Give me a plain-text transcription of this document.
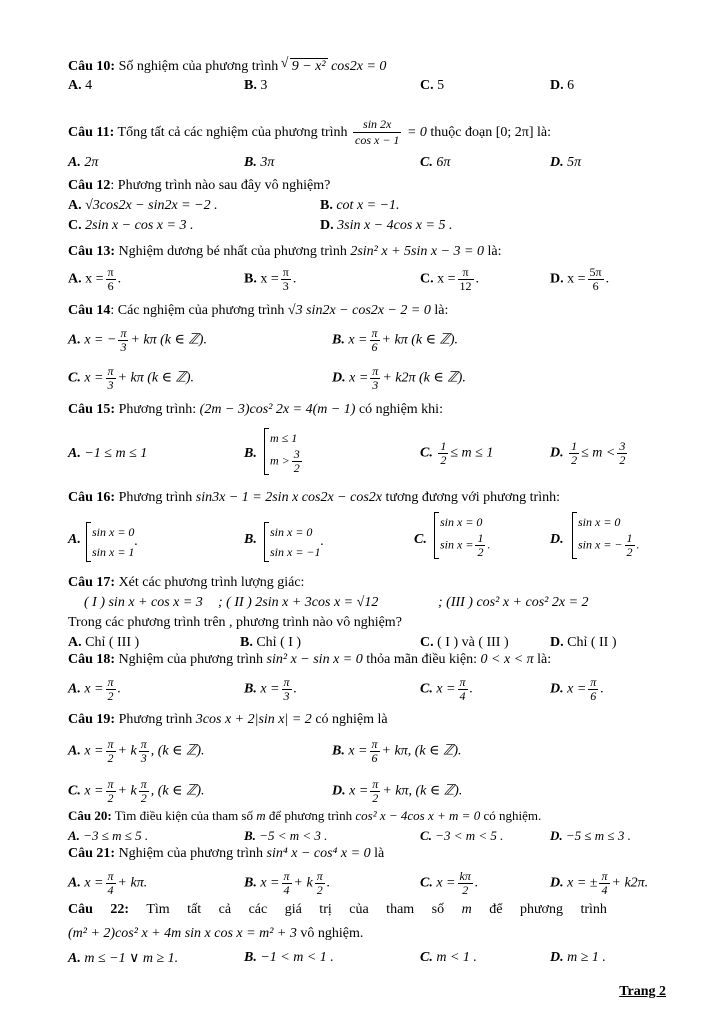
Câu 10: Số nghiệm của phương trình √ 9 − x² cos2x = 0
A. 4	B. 3	C. 5	D. 6
Câu 11: Tổng tất cả các nghiệm của phương trình $\frac{\sin 2x}{\text{cos x − 1}} = 0$ thuộc đoạn [0; 2π] là:
A. 2π	B. 3π	C. 6π	D. 5π
Câu 12: Phương trình nào sau đây vô nghiệm?
A. √3cos2x − sin2x = −2 .	B. cot x = −1.
C. 2sin x − cos x = 3 .	D. 3sin x − 4cos x = 5 .
Câu 13: Nghiệm dương bé nhất của phương trình 2sin² x + 5sin x − 3 = 0 là:
A. $x = \frac{\pi}{6}$ .	B. $x = \frac{\pi}{3}$ .	C. $x = \frac{\pi}{12}$ .	D. $x = \frac{5\pi}{6}$ .
Câu 14: Các nghiệm của phương trình √3 sin2x − cos2x − 2 = 0 là:
A. x = − $\frac{\pi}{3} + k\pi$ (k ∈ ℤ).	B. $x = \frac{\pi}{6} + k\pi$ (k ∈ ℤ).
C. $x = \frac{\pi}{3} + k\pi$ (k ∈ ℤ).	D. $x = \frac{\pi}{3} + k2\pi$ (k ∈ ℤ).
Câu 15: Phương trình: (2m − 3)cos² 2x = 4(m − 1) có nghiệm khi:
A. −1 ≤ m ≤ 1	B.
m ≤ 1
$m > \frac{3}{2}$	C. $\frac{1}{2} \le m \le 1$	D. $\frac{1}{2} \le m < \frac{3}{2}$
Câu 16: Phương trình sin3x − 1 = 2sin x cos2x − cos2x tương đương với phương trình:
A. sin x = 0
sin x = 1
.	B. sin x = 0
sin x = −1
.	C.
sin x = 0
$\sin x = \frac{1}{2}$ .	D.
sin x = 0
sin x = − $\frac{1}{2}$ .
Câu 17: Xét các phương trình lượng giác:
( I ) sin x + cos x = 3 ; ( II ) 2sin x + 3cos x = √12	; (III ) cos² x + cos² 2x = 2
Trong các phương trình trên , phương trình nào vô nghiệm?
A. Chỉ ( III )	B. Chỉ ( I )	C. ( I ) và ( III )	D. Chỉ ( II )
Câu 18: Nghiệm của phương trình sin² x − sin x = 0 thỏa mãn điều kiện: 0 < x < π là:
A. $x = \frac{\pi}{2}$ .	B. $x = \frac{\pi}{3}$ .	C. $x = \frac{\pi}{4}$ .	D. $x = \frac{\pi}{6}$ .
Câu 19: Phương trình 3cos x + 2|sin x| = 2 có nghiệm là
A. $x = \frac{\pi}{2} + k \frac{\pi}{3}$ , (k ∈ ℤ).	B. $x = \frac{\pi}{6} + k\pi$, (k ∈ ℤ).
C. $x = \frac{\pi}{2} + k \frac{\pi}{2}$ , (k ∈ ℤ).	D. $x = \frac{\pi}{2} + k\pi$, (k ∈ ℤ).
Câu 20: Tìm điều kiện của tham số m để phương trình cos² x − 4cos x + m = 0 có nghiệm.
A. −3 ≤ m ≤ 5 .	B. −5 < m < 3 .	C. −3 < m < 5 .	D. −5 ≤ m ≤ 3 .
Câu 21: Nghiệm của phương trình sin⁴ x − cos⁴ x = 0 là
A. $x = \frac{\pi}{4} + k\pi$.	B. $x = \frac{\pi}{4} + k \frac{\pi}{2}$ .	C. $x = \frac{k\pi}{2}$ .	D. x = ± $\frac{\pi}{4} + k2\pi$.
Câu 22: Tìm tất cả các giá trị của tham số m để phương trình
(m² + 2)cos² x + 4m sin x cos x = m² + 3 vô nghiệm.
A. m ≤ −1 ∨ m ≥ 1.	B. −1 < m < 1 .	C. m < 1 .	D. m ≥ 1 .
Trang 2
